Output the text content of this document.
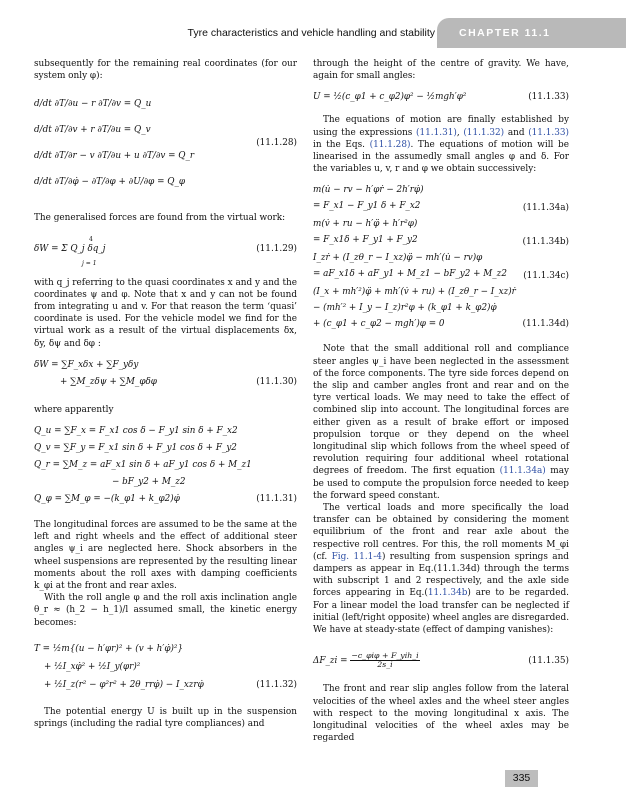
Tyre characteristics and vehicle handling and stability CHAPTER 11.1

subsequently for the remaining real coordinates (for our system only φ):

d/dt ∂T/∂u − r ∂T/∂v = Q_u
d/dt ∂T/∂v + r ∂T/∂u = Q_v
d/dt ∂T/∂r − v ∂T/∂u + u ∂T/∂v = Q_r
d/dt ∂T/∂φ̇ − ∂T/∂φ + ∂U/∂φ = Q_φ
(11.1.28)

The generalised forces are found from the virtual work:

4
δW = Σ Q_j δq_j
j = 1
(11.1.29)

with q_j referring to the quasi coordinates x and y and the coordinates ψ and φ. Note that x and y can not be found from integrating u and v. For that reason the term ‘quasi’ coordinate is used. For the vehicle model we find for the virtual work as a result of the virtual displacements δx, δy, δψ and δφ :

δW = ∑F_xδx + ∑F_yδy
+ ∑M_zδψ + ∑M_φδφ	(11.1.30)

where apparently

Q_u = ∑F_x = F_x1 cos δ − F_y1 sin δ + F_x2
Q_v = ∑F_y = F_x1 sin δ + F_y1 cos δ + F_y2
Q_r = ∑M_z = aF_x1 sin δ + aF_y1 cos δ + M_z1
− bF_y2 + M_z2
Q_φ = ∑M_φ = −(k_φ1 + k_φ2)φ̇	(11.1.31)

The longitudinal forces are assumed to be the same at the left and right wheels and the effect of additional steer angles ψ_i are neglected here. Shock absorbers in the wheel suspensions are represented by the resulting linear moments about the roll axes with damping coefficients k_φi at the front and rear axles.

With the roll angle φ and the roll axis inclination angle θ_r ≈ (h_2 − h_1)/l assumed small, the kinetic energy becomes:

T = ½m{(u − h′φr)² + (v + h′φ̇)²}
+ ½I_xφ̇² + ½I_y(φr)²
+ ½I_z(r² − φ²r² + 2θ_rrφ̇) − I_xzrφ̇	(11.1.32)

The potential energy U is built up in the suspension springs (including the radial tyre compliances) and

through the height of the centre of gravity. We have, again for small angles:

U = ½(c_φ1 + c_φ2)φ² − ½mgh′φ²	(11.1.33)

The equations of motion are finally established by using the expressions (11.1.31), (11.1.32) and (11.1.33) in the Eqs. (11.1.28). The equations of motion will be linearised in the assumedly small angles φ and δ. For the variables u, v, r and φ we obtain successively:

m(u̇ − rv − h′φṙ − 2h′rφ̇)
= F_x1 − F_y1 δ + F_x2
m(v̇ + ru − h′φ̈ + h′r²φ)
= F_x1δ + F_y1 + F_y2
I_zṙ + (I_zθ_r − I_xz)φ̈ − mh′(u̇ − rv)φ
= aF_x1δ + aF_y1 + M_z1 − bF_y2 + M_z2
(I_x + mh′²)φ̈ + mh′(v̇ + ru) + (I_zθ_r − I_xz)ṙ
− (mh′² + I_y − I_z)r²φ + (k_φ1 + k_φ2)φ̇
+ (c_φ1 + c_φ2 − mgh′)φ = 0
(11.1.34a)
(11.1.34b)
(11.1.34c)
(11.1.34d)

Note that the small additional roll and compliance steer angles ψ_i have been neglected in the assessment of the force components. The tyre side forces depend on the slip and camber angles front and rear and on the tyre vertical loads. We may need to take the effect of combined slip into account. The longitudinal forces are either given as a result of brake effort or imposed propulsion torque or they depend on the wheel longitudinal slip which follows from the wheel speed of revolution requiring four additional wheel rotational degrees of freedom. The first equation (11.1.34a) may be used to compute the propulsion force needed to keep the forward speed constant.

The vertical loads and more specifically the load transfer can be obtained by considering the moment equilibrium of the front and rear axle about the respective roll centres. For this, the roll moments M_φi (cf. Fig. 11.1-4) resulting from suspension springs and dampers as appear in Eq.(11.1.34d) through the terms with subscript 1 and 2 respectively, and the axle side forces appearing in Eq.(11.1.34b) are to be regarded. For a linear model the load transfer can be neglected if initial (left/right opposite) wheel angles are disregarded. We have at steady-state (effect of damping vanishes):

ΔF_zi = $\frac{\text{−c\_φiφ + F\_yih\_i}}{2s\_i}$	(11.1.35)

The front and rear slip angles follow from the lateral velocities of the wheel axles and the wheel steer angles with respect to the moving longitudinal x axis. The longitudinal velocities of the wheel axles may be regarded

335
